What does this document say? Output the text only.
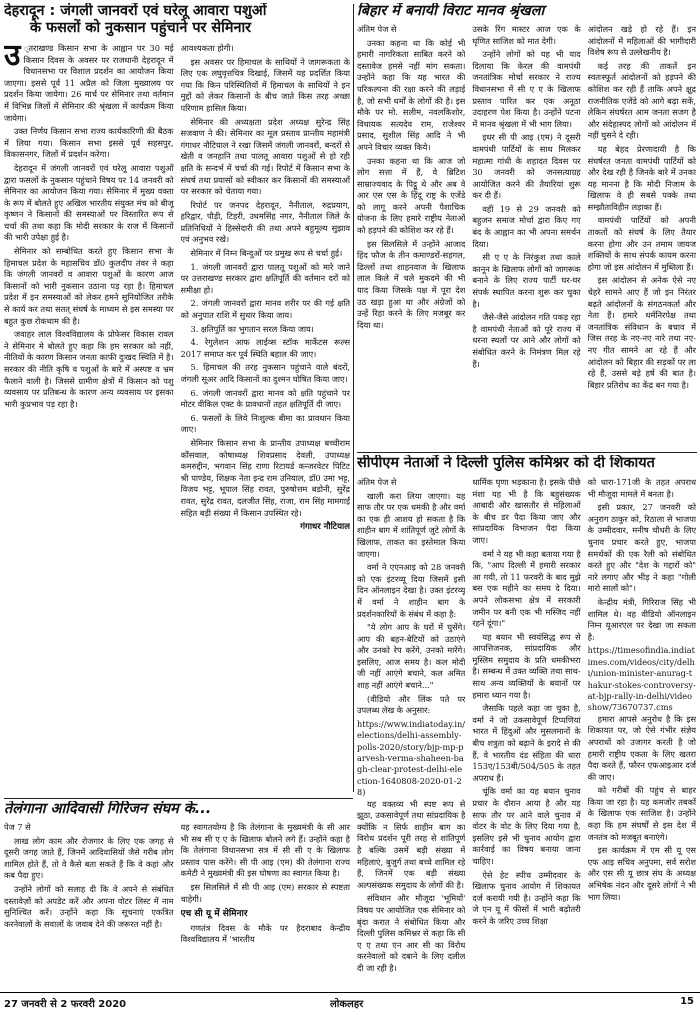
देहरादून : जंगली जानवरों एवं घरेलू आवारा पशुओं
के फसलों को नुकसान पहुंचाने पर सेमिनार
उ ्तराखण्ड किसान सभा के आह्वान पर 30 मई किसान दिवस के अवसर पर राजधानी देहरादून में विधानसभा पर विशाल प्रदर्शन का आयोजन किया जाएगा। इससे पूर्व 11 अप्रैल को जिला मुख्यालय पर प्रदर्शन किया जायेगा। 26 मार्च पर सेमिनार तथा वर्तमान में विभिन्न जिलों में सेमिनार की श्रृंखला में कार्यक्रम किया जायेगा।

उक्त निर्णय किसान सभा राज्य कार्यकारिणी की बैठक में लिया गया। किसान सभा इससे पूर्व सहसपुर, विकासनगर, जिलों में प्रदर्शन करेगा।

देहरादून में जंगली जानवरों एवं घरेलू आवारा पशुओं द्वारा फसलों के नुकसान पहुंचाने विषय पर 14 जनवरी को सेमिनार का आयोजन किया गया। सेमिनार में मुख्य वक्ता के रूप में बोलते हुए अखिल भारतीय संयुक्त मंच को बीजू कृष्णन ने किसानों की समस्याओं पर विस्तारित रूप से चर्चा की तथा कहा कि मोदी सरकार के राज में किसानों की भारी उपेक्षा हुई है।

सेमिनार को सम्बोधित करते हुए किसान सभा के हिमाचल प्रदेश के महासचिव डॉ0 कुलदीप तंवर ने कहा कि जंगली जानवरों व आवारा पशुओं के कारण आज किसानों को भारी नुकसान उठाना पड़ रहा है। हिमाचल प्रदेश में इन समस्याओं को लेकर हमने सुनियोजित तरीके से कार्य कर तथा सतत् संघर्ष के माध्यम से इस समस्या पर बहुत कुछ रोकथाम की है।

जवाहर लाल विश्वविद्यालय के प्रोफेसर विकास रावल ने सेमिनार मे बोलते हुए कहा कि हम सरकार को नहीं, नीतियों के कारण किसान जनता काफी दुःखद स्थिति में है। सरकार की नीति कृषि व पशुओं के बारे में अस्पष्ट व भ्रम फैलाने वाली है। जिससे ग्रामीण क्षेत्रों में किसान को पशु व्यवसाय पर प्रतिबन्ध के कारण अन्य व्यवसाय पर इसका भारी कुप्रभाव पड़ रहा है।

आवश्यकता होगी।

इस अवसर पर हिमाचल के साथियों ने जागरूकता के लिए एक लघुवृत्तचित्र दिखाई, जिसमें यह प्रदर्शित किया गया कि किन परिस्थितियों में हिमाचल के साथियों ने इन मुद्दों को लेकर किसानों के बीच जाते किस तरह अच्छा परिणाम हासिल किया।

सेमिनार की अध्यक्षता प्रदेश अध्यक्ष सुरेन्द्र सिंह सजवाण ने की। सेमिनार का मूल प्रस्ताव प्रान्तीय महामंत्री गंगाधर नौटियाल ने रखा जिसमें जंगली जानवरों, बन्दरों से खेती व जनहानि तथा पालतू आवारा पशुओं से हो रही क्षति के सन्दर्भ में चर्चा की गई। रिपोर्ट में किसान सभा के संघर्ष तथा प्रयासों को स्वीकार कर किसानों की समस्याओं पर सरकार को चेताया गया।

रिपोर्ट पर जनपद देहरादून, नैनीताल, रुद्रप्रयाग, हरिद्वार, पौड़ी, टिहरी, उधमसिंह नगर, नैनीताल जिले के प्रतिनिधियों ने हिस्सेदारी की तथा अपने बहुमूल्य सुझाव एवं अनुभव रखे।

सेमिनार में निम्न बिन्दुओं पर प्रमुख रूप से चर्चा हुई।

1. जंगली जानवरों द्वारा पालतू पशुओं को मारे जाने पर उत्तराखण्ड सरकार द्वारा क्षतिपूर्ति की वर्तमान दरों को समीक्षा हो।

2. जंगली जानवरों द्वारा मानव शरीर पर की गई क्षति को अनुपात राशि में सुधार किया जाय।

3. क्षतिपूर्ति का भुगतान सरल किया जाय।

4. रेगुलेशन आफ लाईव्स स्टॉक मार्केटस रूल्स 2017 समाप्त कर पूर्व स्थिति बहाल की जाए।

5. हिमाचल की तरह नुकसान पहुंचाने वाले बंदरों, जंगली सूअर आदि किसानों का दुश्मन घोषित किया जाए।

6. जंगली जानवरों द्वारा मानव को क्षति पहुंचाने पर मोटर वीकिल एक्ट के प्रावधानों तहत क्षतिपूर्ति दी जाए।

6. फसलों के लिये निःशुल्क बीमा का प्रावधान किया जाए।

सेमिनार किसान सभा के प्रान्तीय उपाध्यक्ष बच्चीराम कौंसवाल, कोषाध्यक्ष शिवप्रसाद देवली, उपाध्यक्ष कमरुद्दीन, भगवान सिंह राणा रिटायर्ड कन्जरवेटर पिटिट श्री पाण्डेय, शिक्षक नेता इन्द्र राम उनियाल, डॉ0 उमा भट्ट, विजय भट्ट, भूपाल सिंह रावत, पुरुषोत्तम बडोनी, सुरेंद्र रावत, सुरेंद्र रावत, दलजीत सिंह, राजा, राम सिंह मामगाईं सहित बड़ी संख्या में किसान उपस्थित रहे।

गंगाधर नौटियाल
बिहार में बनायी विराट मानव श्रृंखला

अंतिम पेज से

उनका कहना था कि कोई भी हमारी नागरिकता साबित करने को दस्तावेज हमसे नहीं मांग सकता। उन्होंने कहा कि यह भारत की परिकल्पना की रक्षा करने की लड़ाई है, जो सभी धर्मों के लोगों की है। इस मौके पर मो. सलीम, नवलकिशोर, विधायक सत्यदेव राम, राजेश्वर प्रसाद, सुशील सिंह आदि ने भी अपने विचार व्यक्त किये।

उनका कहना था कि आज जो लोग सत्ता में हैं, वे ब्रिटिश साम्राज्यवाद के पिट्ठू थे और अब वे आर एस एस के हिंदू राष्ट्र के एजेंडे को लागू करने अपनी पैशाचिक योजना के लिए हमारे राष्ट्रीय नेताओं को हड़पने की कोशिश कर रहे हैं।

इस सिलसिले में उन्होंने आजाद हिंद फौज के तीन कमाण्डरों-सहगल, ढिल्लों तथा शाहनवाज के खिलाफ लाल किले में चले मुकदमे की भी याद किया जिसके पक्ष में पूरा देश उठ खड़ा हुआ था और अंग्रेजों को उन्हें रिहा करने के लिए मजबूर कर दिया था।

उसके रिंग मास्टर आज एक के घृणित साजिश को मात देगी।

उन्होंने लोगों को यह भी याद दिलाया कि केरल की वामपंथी जनतांत्रिक मोर्चा सरकार ने राज्य विधानसभा में सी ए ए के खिलाफ प्रस्ताव पारित कर एक अनूठा उदाहरण पेश किया है। उन्होंने पटना में मानव श्रृंखला में भी भाग लिया।

इधर सी पी आइ (एम) ने दूसरी वामपंथी पार्टियों के साथ मिलकर महात्मा गांधी के शहादत दिवस पर 30 जनवरी को जनसत्याग्रह आयोजित करने की तैयारियां शुरू कर दी हैं।

वहीं 19 से 29 जनवरी को बहुजन समाज मोर्चा द्वारा किए गए बंद के आह्वान का भी अपना समर्थन दिया।

सी ए ए के निरंकुश तथा काले कानून के खिलाफ लोगों को जागरूक बनाने के लिए राज्य पार्टी घर-घर संपर्क स्थापित करना शुरू कर चुका है।

जैसे-जैसे आंदोलन गति पकड़ रहा है वामपंथी नेताओं को पूरे राज्य में धरना स्थलों पर आने और लोगों को संबोधित करने के निमंत्रण मिल रहे हैं।

आंदोलन खड़े हो रहे हैं। इन आंदोलनों में महिलाओं की भागीदारी विशेष रूप से उल्लेखनीय है।

कई तरह की ताकतें इन स्वतःस्फूर्त आंदोलनों को हड़पने की कोशिश कर रही हैं ताकि अपने क्षुद्र राजनीतिक एजेंडे को आगे बढ़ा सकें, लेकिन संघर्षरत आम जनता सजग है और संदेहास्पद लोगों को आंदोलन में नहीं घुसने दे रही।

यह बेहद प्रेरणादायी है कि संघर्षरत जनता वामपंथी पार्टियों को और देख रही है जिनके बारे में उनका यह मानना है कि मोदी निजाम के खिलाफ वे ही सबसे पक्के तथा सम्झौताविहीन लड़ाका हैं।

वामपंथी पार्टियों को अपनी ताकतों को संघर्ष के लिए तैयार करना होगा और उन तमाम जायज शक्तियों के साथ संपर्क कायम करना होगा जो इस आंदोलन में मुब्तिला हैं।

इस आंदोलन से अनेक ऐसे नए चेहरे सामने आए हैं जो इन निरंतर बढ़ते आंदोलनों के संगठनकर्ता और नेता हैं। हमारे धर्मनिरपेक्ष तथा जनतांत्रिक संविधान के बचाव में जिस तरह के नए-नए नारे तथा नए-नए गीत सामने आ रहे हैं और आंदोलन को बिहार की सड़कों पर ला रहे हैं, उससे बड़े हर्ष की बात है। बिहार प्रतिरोध का केंद्र बन गया है।

सीपीएम नेताओं ने दिल्ली पुलिस कमिश्नर को दी शिकायत

अंतिम पेज से

खाली करा लिया जाएगा। यह साफ तौर पर एक धमकी है और वर्मा का एक ही आशय हो सकता है कि शाहीन बाग में शांतिपूर्ण जुटे लोगों के खिलाफ, ताकत का इस्तेमाल किया जाएगा।

वर्मा ने एएनआइ को 28 जनवरी को एक इंटरव्यू दिया जिसमें इसी दिन ऑनलाइन देखा है। उक्त इंटरव्यू में वर्मा ने शाहीन बाग के प्रदर्शनकारियों के संबंध में कहा है:

"ये लोग आप के घरों में घुसेंगे। आप की बहन-बेटियों को उठाएंगे और उनको रेप करेंगे, उनको मारेंगे। इसलिए, आज समय है। कल मोदी जी नहीं आएंगे बचाने, कल अमित शाह नहीं आएंगे बचाने..."

(वीडियो और लिंक पते पर उपलब्ध लेख के अनुसार:

https://www.indiatoday.in/elections/delhi-assembly-polls-2020/story/bjp-mp-parvesh-verma-shaheen-bagh-clear-protest-delhi-election-1640808-2020-01-28)

यह वक्तव्य भी स्पष्ट रूप से झूठा, उकसावेपूर्ण तथा सांप्रदायिक है क्योंकि न सिर्फ शाहीन बाग का विरोध प्रदर्शन पूरी तरह से शांतिपूर्ण है बल्कि उसमें बड़ी संख्या में महिलाएं, बुजुर्ग तथा बच्चे शामिल रहे हैं, जिनमें एक बड़ी संख्या अल्पसंख्यक समुदाय के लोगों की है।

संविधान और मौजूदा 'भूमियों' विषय पर आयोजित एक सेमिनार को बृंदा करात ने संबोधित किया और दिल्ली पुलिस कमिश्नर से कहा कि सी ए ए तथा एन आर सी का विरोध करनेवालों को दबाने के लिए दलील दी जा रही है।

धार्मिक घृणा भड़काना है। इसके पीछे मंशा यह भी है कि बहुसंख्यक आबादी और खासतौर से महिलाओं के बीच डर पैदा किया जाए और सांप्रदायिक विभाजन पैदा किया जाए।

वर्मा ने यह भी कहा बताया गया है कि, "आप दिल्ली में हमारी सरकार आ गयी, तो 11 फरवरी के बाद मुझे बस एक महीने का समय दे दिया। अपने लोकसभा क्षेत्र में सरकारी जमीन पर बनी एक भी मस्जिद नहीं रहने दूंगा।"

यह बयान भी स्वयंसिद्ध रूप से आपत्तिजनक, सांप्रदायिक और मुस्लिम समुदाय के प्रति धमकीभरा है। सम्बन्ध में उक्त व्यक्ति तथा साथ-साथ अन्य व्यक्तियों के बयानों पर हमारा ध्यान गया है।

जैसाकि पहले कहा जा चुका है, वर्मा ने जो उकसावेपूर्ण टिप्पणियां भारत में हिंदुओं और मुसलमानों के बीच शत्रुता को बढ़ाने के इरादे से की हैं, वे भारतीय दंड संहिता की धारा 153ए/153बी/504/505 के तहत अपराध हैं।

चूंकि वर्मा का यह बयान चुनाव प्रचार के दौरान आया है और यह साफ तौर पर आने वाले चुनाव में वोटर के वोट के लिए दिया गया है, इसलिए इसे भी चुनाव आयोग द्वारा कार्रवाई का विषय बनाया जाना चाहिए।

ऐसे हेट स्पीच उम्मीदवार के खिलाफ चुनाव आयोग में शिकायत दर्ज करायी गयी है। उन्होंने कहा कि जे एन यू में फीसों में भारी बढ़ोतरी करने के जरिए उच्च शिक्षा

को धारा-171जी के तहत अपराध भी मौजूदा मामले में बनता है।

इसी प्रकार, 27 जनवरी को अनुराग ठाकुर को, रिठाला से भाजपा के उम्मीदवार, मनीष चौधरी के लिए चुनाव प्रचार करते हुए, भाजपा समर्थकों की एक रैली को संबोधित करते हुए और "देश के गद्दारों को" नारे लगाए और भीड़ ने कहा "गोली मारो सालों को"।

केन्द्रीय मंत्री, गिरिराज सिंह भी शामिल थे। वह वीडियो ऑनलाइन निम्न यूआरएल पर देखा जा सकता है:

https://timesofindia.indiatimes.com/videos/city/delhi/union-minister-anurag-thakur-stokes-controversy-at-bjp-rally-in-delhi/videoshow/73670737.cms

हमारा आपसे अनुरोध है कि इस शिकायत पर, जो ऐसे गंभीर संज्ञेय अपराधों को उजागर करती है जो हमारी राष्ट्रीय एकता के लिए खतरा पैदा करते हैं, फौरन एफआइआर दर्ज की जाए।

को गरीबों की पहुंच से बाहर किया जा रहा है। यह कमजोर तबकों के खिलाफ एक साजिश है। उन्होंने कहा कि हम संघर्षों से इस देश में जनतंत्र को मजबूत बनाएंगे।

इस कार्यक्रम में एम सी यू एस एफ आइ सचिव अनुपमा, सर्व सरोश और एस सी यू छात्र संघ के अध्यक्ष अभिषेक नंदन और दूसरे लोगों ने भी भाग लिया।

तेलंगाना आदिवासी गिरिजन संघम के...

पेज 7 से

लाख लोग काम और रोजगार के लिए एक जगह से दूसरी जगह जाते हैं, जिनमें आदिवासियों जैसे गरीब लोग शामिल होते हैं, तो वे कैसे बता सकते हैं कि वे कहां और कब पैदा हुए।

उन्होंने लोगों को सलाह दी कि वे अपने से संबंधित दस्तावेज़ों को अपडेट करें और अपना वोटर लिस्ट में नाम सुनिश्चित करें। उन्होंने कहा कि सूचनाएं एकत्रित करनेवालों के सवालों के जवाब देने की जरूरत नहीं है।

यह स्वागतयोग्य है कि तेलंगाना के मुख्यमंत्री के सी आर भी सब सी ए ए के खिलाफ बोलने लगे हैं। उन्होंने कहा है कि तेलंगाना विधानसभा सत्र में सी सी ए के खिलाफ प्रस्ताव पास करेंगे। सी पी आइ (एम) की तेलंगाना राज्य कमेटी ने मुख्यमंत्री की इस घोषणा का स्वागत किया है।

इस सिलसिले में सी पी आइ (एम) सरकार से स्पष्टता चाहेगी।

एच सी यू में सेमिनार

गणतंत्र दिवस के मौके पर हैदराबाद केन्द्रीय विश्वविद्यालय में 'भारतीय

27 जनवरी से 2 फरवरी 2020	लोकलहर	15
